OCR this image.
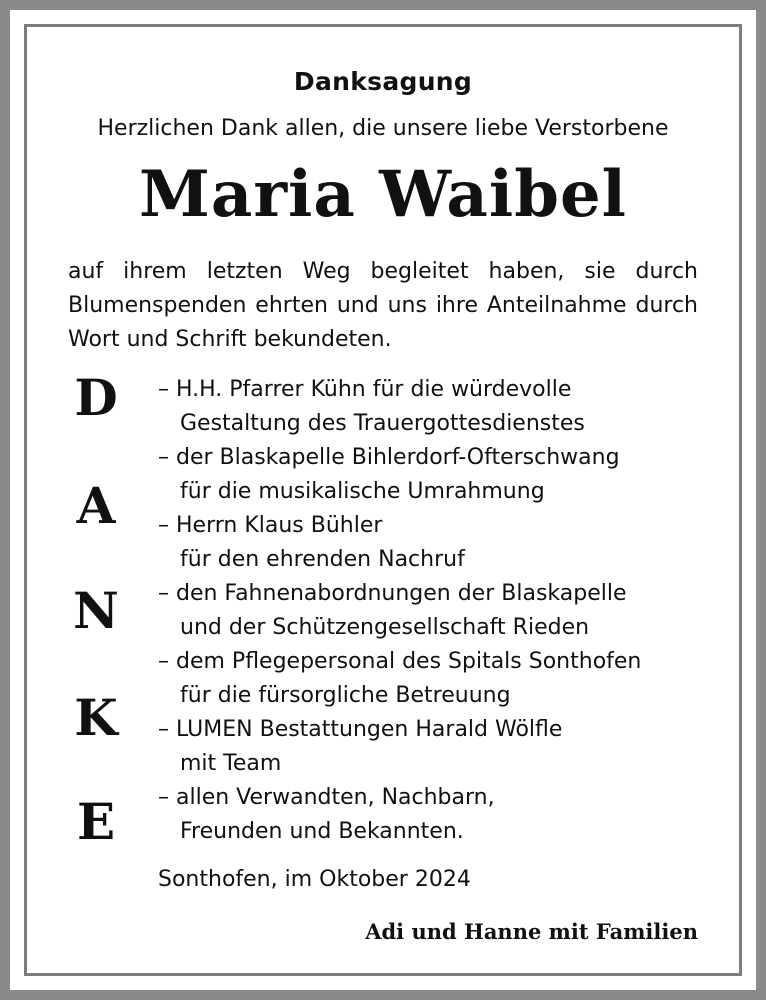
Danksagung
Herzlichen Dank allen, die unsere liebe Verstorbene
Maria Waibel
auf ihrem letzten Weg begleitet haben, sie durch Blumenspenden ehrten und uns ihre Anteilnahme durch Wort und Schrift bekundeten.
D
A
N
K
E
– H.H. Pfarrer Kühn für die würdevolle
Gestaltung des Trauergottesdienstes
– der Blaskapelle Bihlerdorf-Ofterschwang
für die musikalische Umrahmung
– Herrn Klaus Bühler
für den ehrenden Nachruf
– den Fahnenabordnungen der Blaskapelle
und der Schützengesellschaft Rieden
– dem Pflegepersonal des Spitals Sonthofen
für die fürsorgliche Betreuung
– LUMEN Bestattungen Harald Wölfle
mit Team
– allen Verwandten, Nachbarn,
Freunden und Bekannten.
Sonthofen, im Oktober 2024
Adi und Hanne mit Familien
